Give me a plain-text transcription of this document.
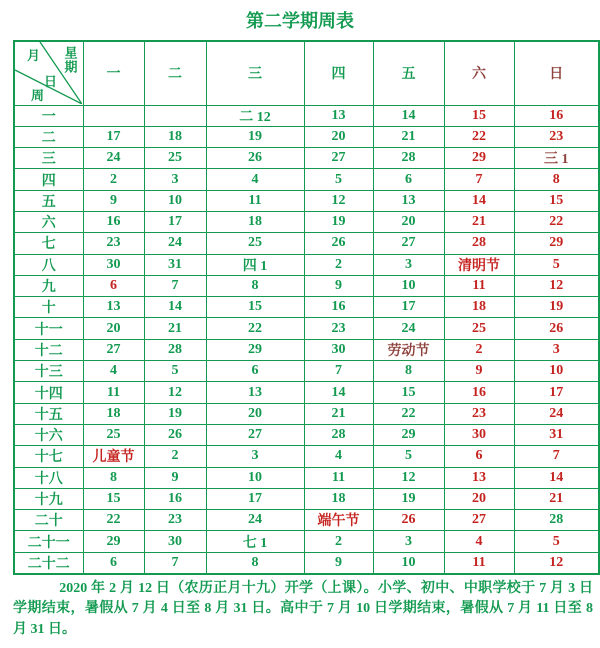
第二学期周表
月 星期
日
周	一	二	三	四	五	六	日
一			二 12	13	14	15	16
二	17	18	19	20	21	22	23
三	24	25	26	27	28	29	三 1
四	2	3	4	5	6	7	8
五	9	10	11	12	13	14	15
六	16	17	18	19	20	21	22
七	23	24	25	26	27	28	29
八	30	31	四 1	2	3	清明节	5
九	6	7	8	9	10	11	12
十	13	14	15	16	17	18	19
十一	20	21	22	23	24	25	26
十二	27	28	29	30	劳动节	2	3
十三	4	5	6	7	8	9	10
十四	11	12	13	14	15	16	17
十五	18	19	20	21	22	23	24
十六	25	26	27	28	29	30	31
十七	儿童节	2	3	4	5	6	7
十八	8	9	10	11	12	13	14
十九	15	16	17	18	19	20	21
二十	22	23	24	端午节	26	27	28
二十一	29	30	七 1	2	3	4	5
二十二	6	7	8	9	10	11	12

2020 年 2 月 12 日（农历正月十九）开学（上课）。小学、初中、中职学校于 7 月 3 日学期结束，暑假从 7 月 4 日至 8 月 31 日。高中于 7 月 10 日学期结束，暑假从 7 月 11 日至 8 月 31 日。
